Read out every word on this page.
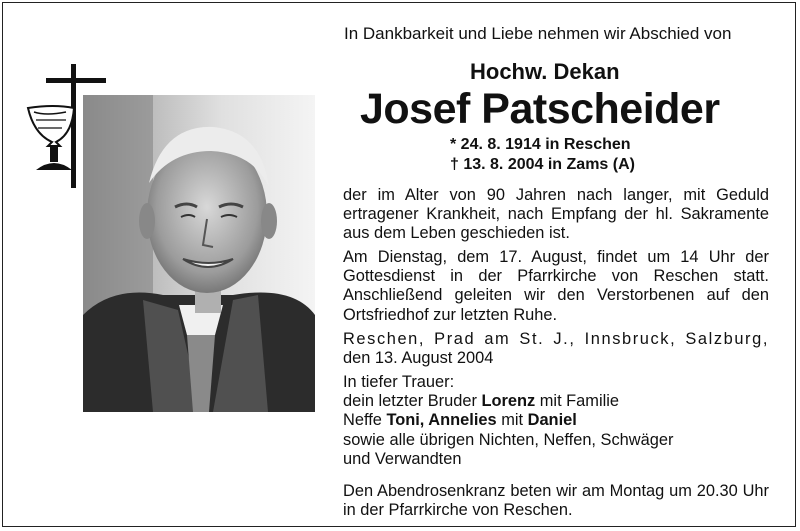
In Dankbarkeit und Liebe nehmen wir Abschied von
Hochw. Dekan
Josef Patscheider
* 24. 8. 1914 in Reschen
† 13. 8. 2004 in Zams (A)
der im Alter von 90 Jahren nach langer, mit Geduld ertragener Krankheit, nach Empfang der hl. Sakramente aus dem Leben geschieden ist.
Am Dienstag, dem 17. August, findet um 14 Uhr der Gottesdienst in der Pfarrkirche von Reschen statt. Anschließend geleiten wir den Verstorbenen auf den Ortsfriedhof zur letzten Ruhe.
Reschen, Prad am St. J., Innsbruck, Salzburg, den 13. August 2004
In tiefer Trauer:
dein letzter Bruder Lorenz mit Familie
Neffe Toni, Annelies mit Daniel
sowie alle übrigen Nichten, Neffen, Schwäger
und Verwandten
Den Abendrosenkranz beten wir am Montag um 20.30 Uhr in der Pfarrkirche von Reschen.
